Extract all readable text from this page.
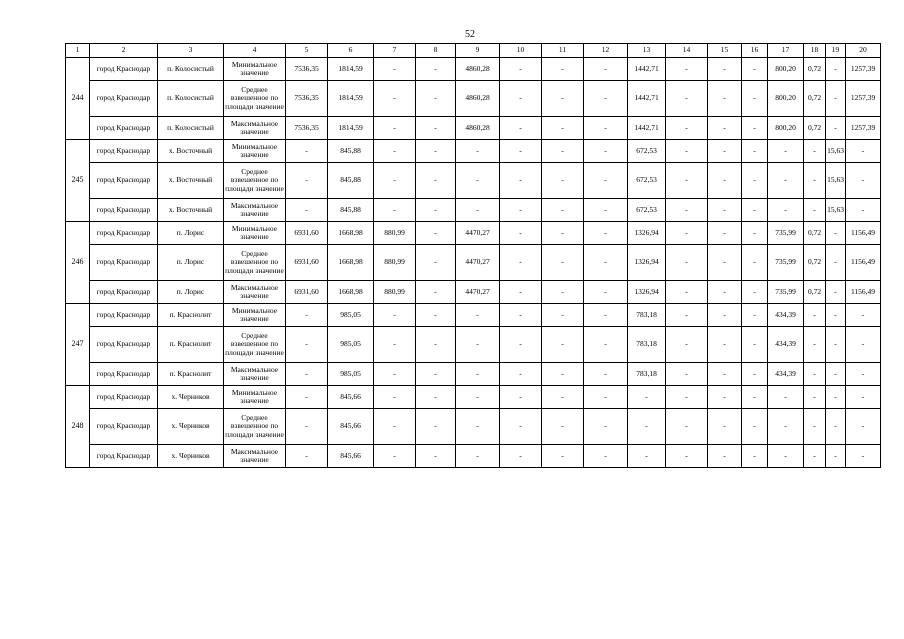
52
1	2	3	4	5	6	7	8	9	10	11	12	13	14	15	16	17	18	19	20
244	город Краснодар	п. Колосистый	Минимальное значение	7536,35	1814,59	-	-	4860,28	-	-	-	1442,71	-	-	-	800,20	0,72	-	1257,39
	город Краснодар	п. Колосистый	Среднее взвешенное по площади значение	7536,35	1814,59	-	-	4860,28	-	-	-	1442,71	-	-	-	800,20	0,72	-	1257,39
	город Краснодар	п. Колосистый	Максимальное значение	7536,35	1814,59	-	-	4860,28	-	-	-	1442,71	-	-	-	800,20	0,72	-	1257,39
245	город Краснодар	х. Восточный	Минимальное значение	-	845,88	-	-	-	-	-	-	672,53	-	-	-	-	-	15,63	-
	город Краснодар	х. Восточный	Среднее взвешенное по площади значение	-	845,88	-	-	-	-	-	-	672,53	-	-	-	-	-	15,63	-
	город Краснодар	х. Восточный	Максимальное значение	-	845,88	-	-	-	-	-	-	672,53	-	-	-	-	-	15,63	-
246	город Краснодар	п. Лорис	Минимальное значение	6931,60	1668,98	880,99	-	4470,27	-	-	-	1326,94	-	-	-	735,99	0,72	-	1156,49
	город Краснодар	п. Лорис	Среднее взвешенное по площади значение	6931,60	1668,98	880,99	-	4470,27	-	-	-	1326,94	-	-	-	735,99	0,72	-	1156,49
	город Краснодар	п. Лорис	Максимальное значение	6931,60	1668,98	880,99	-	4470,27	-	-	-	1326,94	-	-	-	735,99	0,72	-	1156,49
247	город Краснодар	п. Краснолит	Минимальное значение	-	985,05	-	-	-	-	-	-	783,18	-	-	-	434,39	-	-	-
	город Краснодар	п. Краснолит	Среднее взвешенное по площади значение	-	985,05	-	-	-	-	-	-	783,18	-	-	-	434,39	-	-	-
	город Краснодар	п. Краснолит	Максимальное значение	-	985,05	-	-	-	-	-	-	783,18	-	-	-	434,39	-	-	-
248	город Краснодар	х. Черников	Минимальное значение	-	845,66	-	-	-	-	-	-	-	-	-	-	-	-	-	-
	город Краснодар	х. Черников	Среднее взвешенное по площади значение	-	845,66	-	-	-	-	-	-	-	-	-	-	-	-	-	-
	город Краснодар	х. Черников	Максимальное значение	-	845,66	-	-	-	-	-	-	-	-	-	-	-	-	-	-
